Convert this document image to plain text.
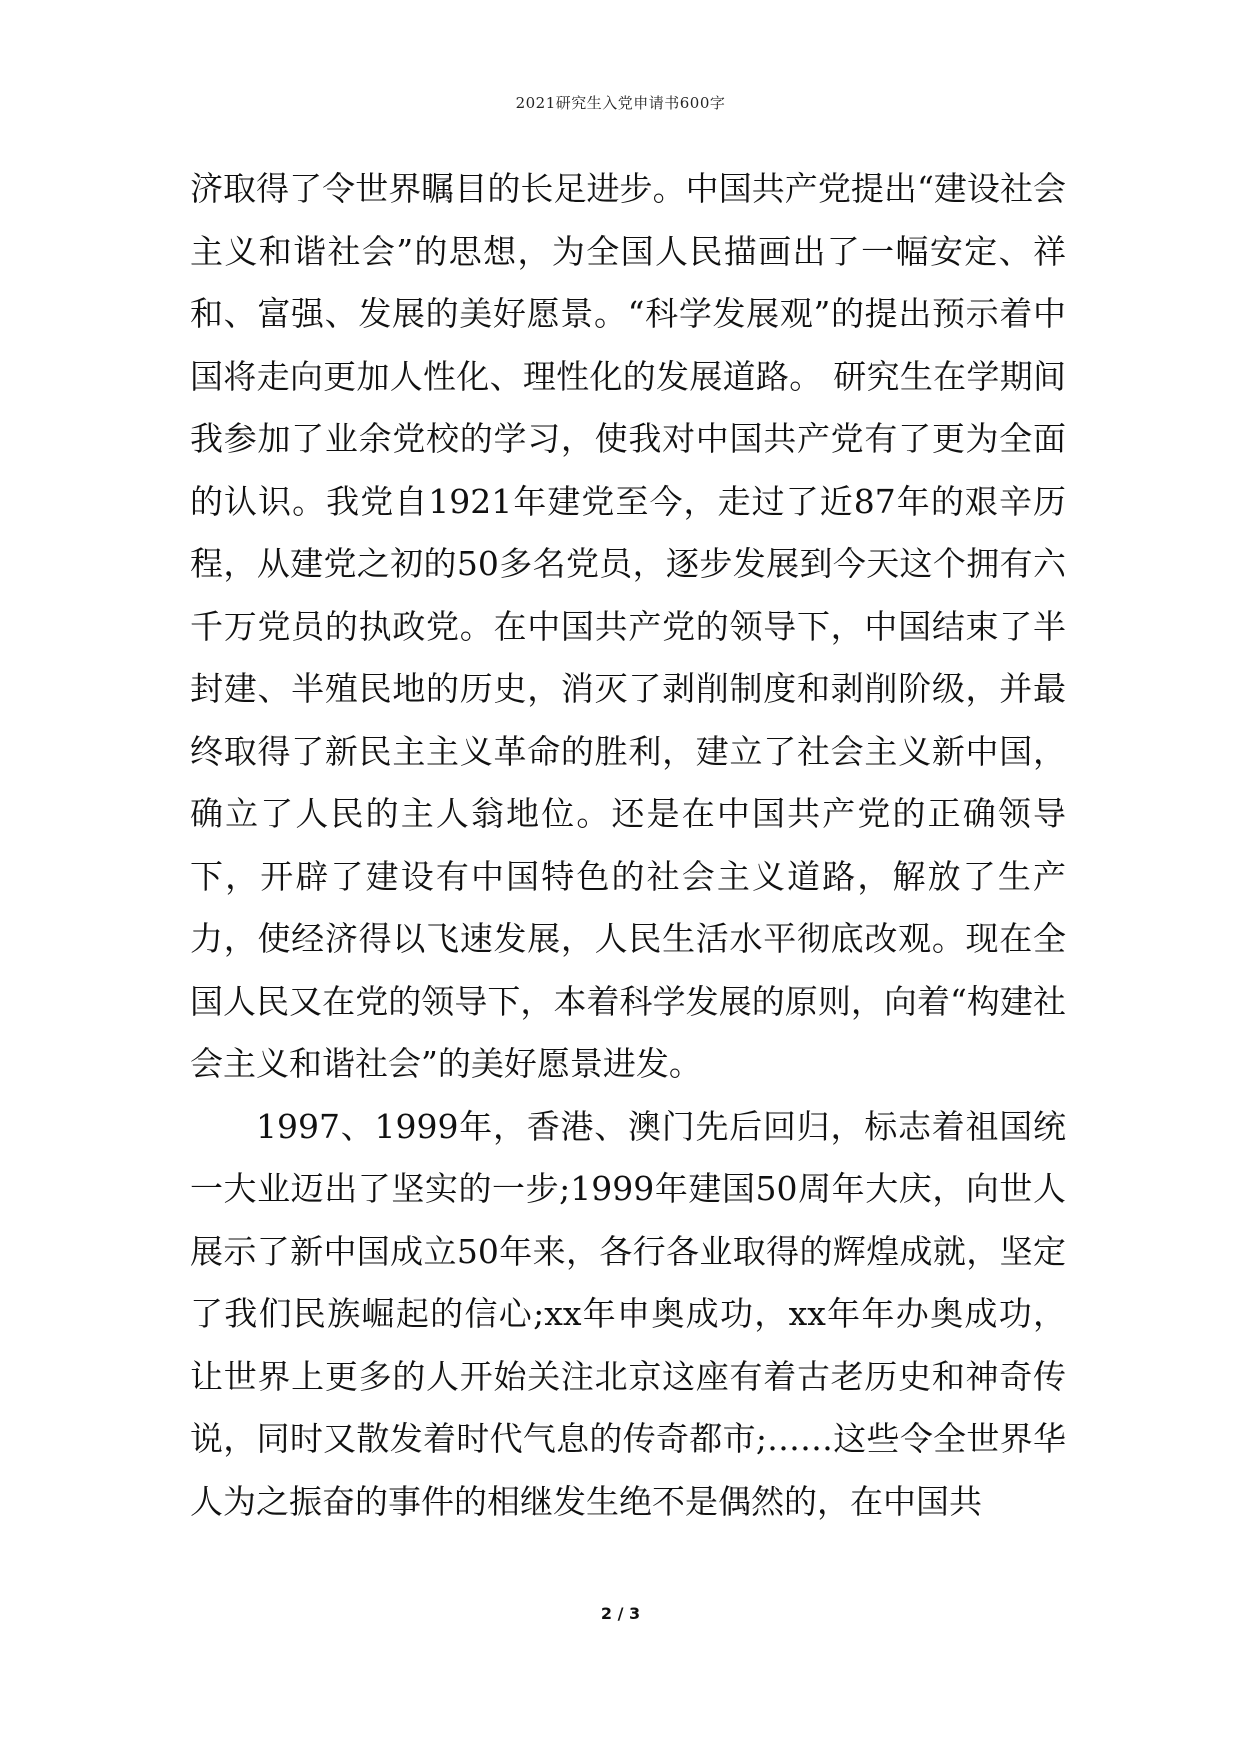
2021研究生入党申请书600字

济取得了令世界瞩目的长足进步。中国共产党提出“建设社会主义和谐社会”的思想，为全国人民描画出了一幅安定、祥和、富强、发展的美好愿景。“科学发展观”的提出预示着中国将走向更加人性化、理性化的发展道路。 研究生在学期间我参加了业余党校的学习，使我对中国共产党有了更为全面的认识。我党自1921年建党至今，走过了近87年的艰辛历程，从建党之初的50多名党员，逐步发展到今天这个拥有六千万党员的执政党。在中国共产党的领导下，中国结束了半封建、半殖民地的历史，消灭了剥削制度和剥削阶级，并最终取得了新民主主义革命的胜利，建立了社会主义新中国，确立了人民的主人翁地位。还是在中国共产党的正确领导下，开辟了建设有中国特色的社会主义道路，解放了生产力，使经济得以飞速发展，人民生活水平彻底改观。现在全国人民又在党的领导下，本着科学发展的原则，向着“构建社会主义和谐社会”的美好愿景进发。

1997、1999年，香港、澳门先后回归，标志着祖国统一大业迈出了坚实的一步;1999年建国50周年大庆，向世人展示了新中国成立50年来，各行各业取得的辉煌成就，坚定了我们民族崛起的信心;xx年申奥成功，xx年年办奥成功，让世界上更多的人开始关注北京这座有着古老历史和神奇传说，同时又散发着时代气息的传奇都市;……这些令全世界华人为之振奋的事件的相继发生绝不是偶然的，在中国共

2 / 3
